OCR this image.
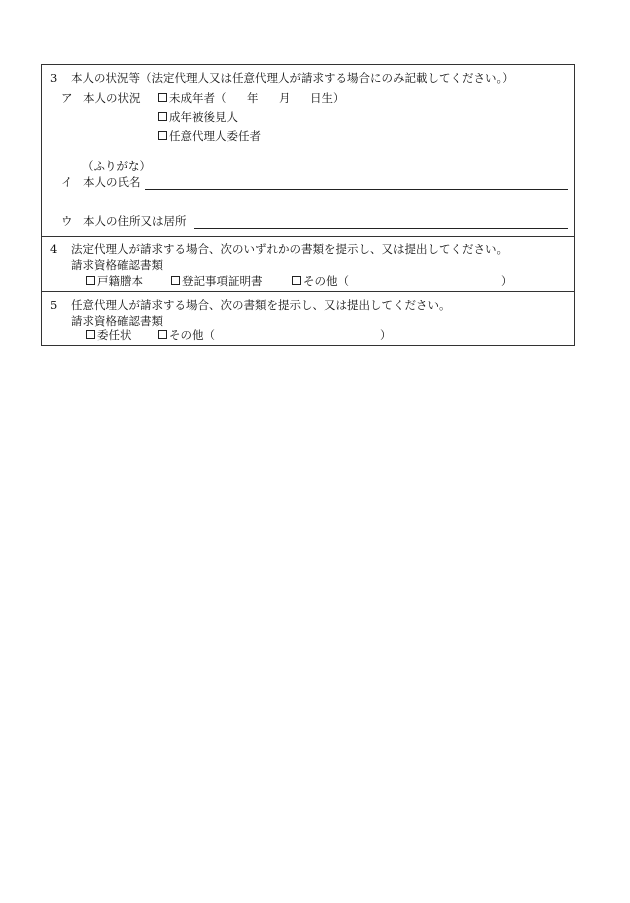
3 本人の状況等（法定代理人又は任意代理人が請求する場合にのみ記載してください。）
ア 本人の状況 未成年者（ 年 月 日生）
成年被後見人
任意代理人委任者
（ふりがな）
イ 本人の氏名
ウ 本人の住所又は居所
4 法定代理人が請求する場合、次のいずれかの書類を提示し、又は提出してください。
請求資格確認書類
戸籍謄本	登記事項証明書	その他（	）
5 任意代理人が請求する場合、次の書類を提示し、又は提出してください。
請求資格確認書類
委任状	その他（	）
